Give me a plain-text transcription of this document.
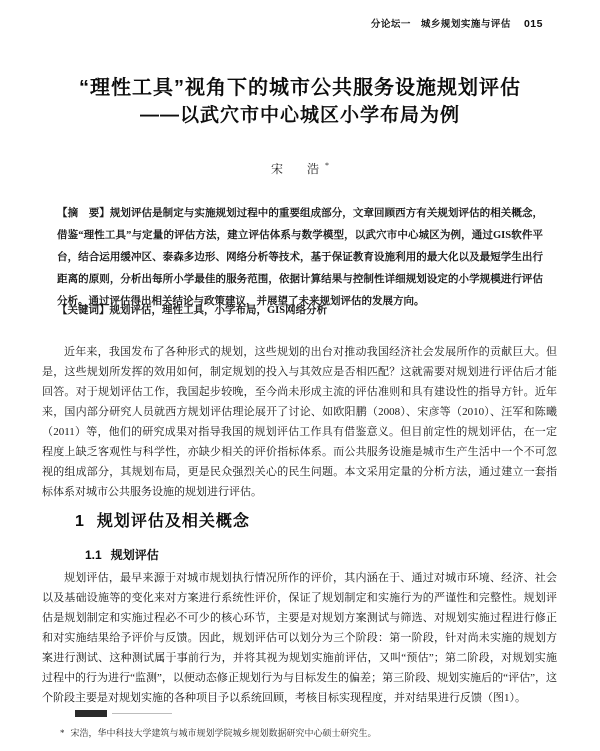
分论坛一　城乡规划实施与评估 015
“理性工具”视角下的城市公共服务设施规划评估
——以武穴市中心城区小学布局为例
宋　浩*
【摘　要】规划评估是制定与实施规划过程中的重要组成部分，文章回顾西方有关规划评估的相关概念，借鉴“理性工具”与定量的评估方法，建立评估体系与数学模型，以武穴市中心城区为例，通过GIS软件平台，结合运用缓冲区、泰森多边形、网络分析等技术，基于保证教育设施利用的最大化以及最短学生出行距离的原则，分析出每所小学最佳的服务范围，依据计算结果与控制性详细规划设定的小学规模进行评估分析。通过评估得出相关结论与政策建议，并展望了未来规划评估的发展方向。
【关键词】规划评估，理性工具，小学布局，GIS网络分析
近年来，我国发布了各种形式的规划，这些规划的出台对推动我国经济社会发展所作的贡献巨大。但是，这些规划所发挥的效用如何，制定规划的投入与其效应是否相匹配？这就需要对规划进行评估后才能回答。对于规划评估工作，我国起步较晚，至今尚未形成主流的评估准则和具有建设性的指导方针。近年来，国内部分研究人员就西方规划评估理论展开了讨论、如欧阳鹏（2008）、宋彦等（2010）、汪军和陈曦（2011）等，他们的研究成果对指导我国的规划评估工作具有借鉴意义。但目前定性的规划评估，在一定程度上缺乏客观性与科学性，亦缺少相关的评价指标体系。而公共服务设施是城市生产生活中一个不可忽视的组成部分，其规划布局，更是民众强烈关心的民生问题。本文采用定量的分析方法，通过建立一套指标体系对城市公共服务设施的规划进行评估。
1 规划评估及相关概念
1.1 规划评估
规划评估，最早来源于对城市规划执行情况所作的评价，其内涵在于、通过对城市环境、经济、社会以及基础设施等的变化来对方案进行系统性评价，保证了规划制定和实施行为的严谨性和完整性。规划评估是规划制定和实施过程必不可少的核心环节，主要是对规划方案测试与筛选、对规划实施过程进行修正和对实施结果给予评价与反馈。因此，规划评估可以划分为三个阶段：第一阶段，针对尚未实施的规划方案进行测试、这种测试属于事前行为，并将其视为规划实施前评估，又叫“预估”；第二阶段，对规划实施过程中的行为进行“监测”，以便动态修正规划行为与目标发生的偏差；第三阶段、规划实施后的“评估”，这个阶段主要是对规划实施的各种项目予以系统回顾，考核目标实现程度，并对结果进行反馈（图1）。
* 宋浩，华中科技大学建筑与城市规划学院城乡规划数据研究中心硕士研究生。
